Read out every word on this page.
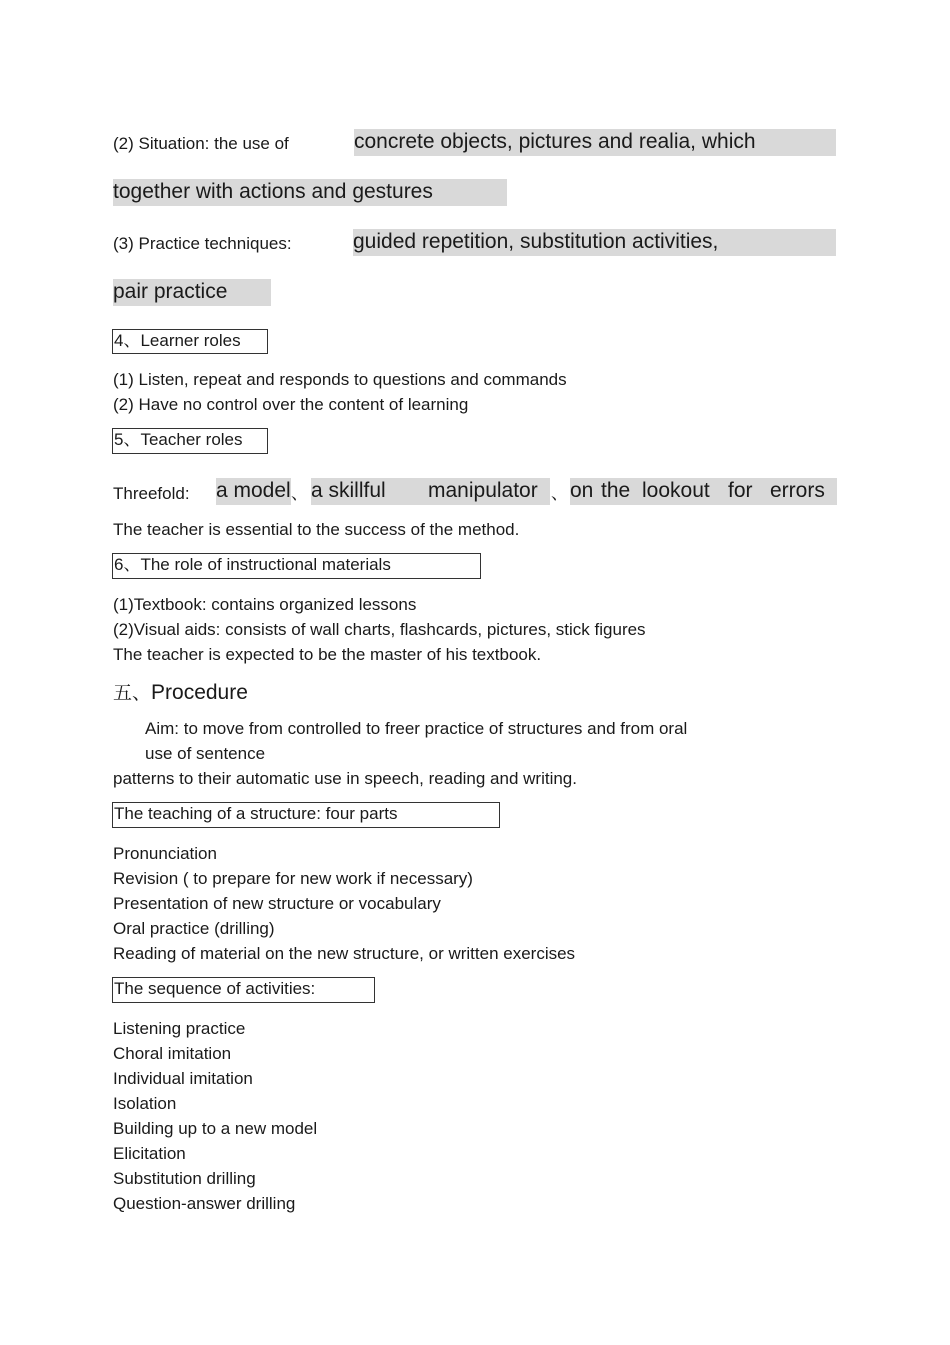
(2) Situation: the use of	concrete objects, pictures and realia, which
together with actions and gestures
(3) Practice techniques:	guided repetition, substitution activities,
pair practice
4、Learner roles
(1) Listen, repeat and responds to questions and commands
(2) Have no control over the content of learning
5、Teacher roles
Threefold: a model 、 a skillful manipulator 、 on the lookout for errors
The teacher is essential to the success of the method.
6、The role of instructional materials
(1)Textbook: contains organized lessons
(2)Visual aids: consists of wall charts, flashcards, pictures, stick figures
The teacher is expected to be the master of his textbook.
五、Procedure
Aim: to move from controlled to freer practice of structures and from oral
use of sentence
patterns to their automatic use in speech, reading and writing.
The teaching of a structure: four parts
Pronunciation
Revision ( to prepare for new work if necessary)
Presentation of new structure or vocabulary
Oral practice (drilling)
Reading of material on the new structure, or written exercises
The sequence of activities:
Listening practice
Choral imitation
Individual imitation
Isolation
Building up to a new model
Elicitation
Substitution drilling
Question-answer drilling
